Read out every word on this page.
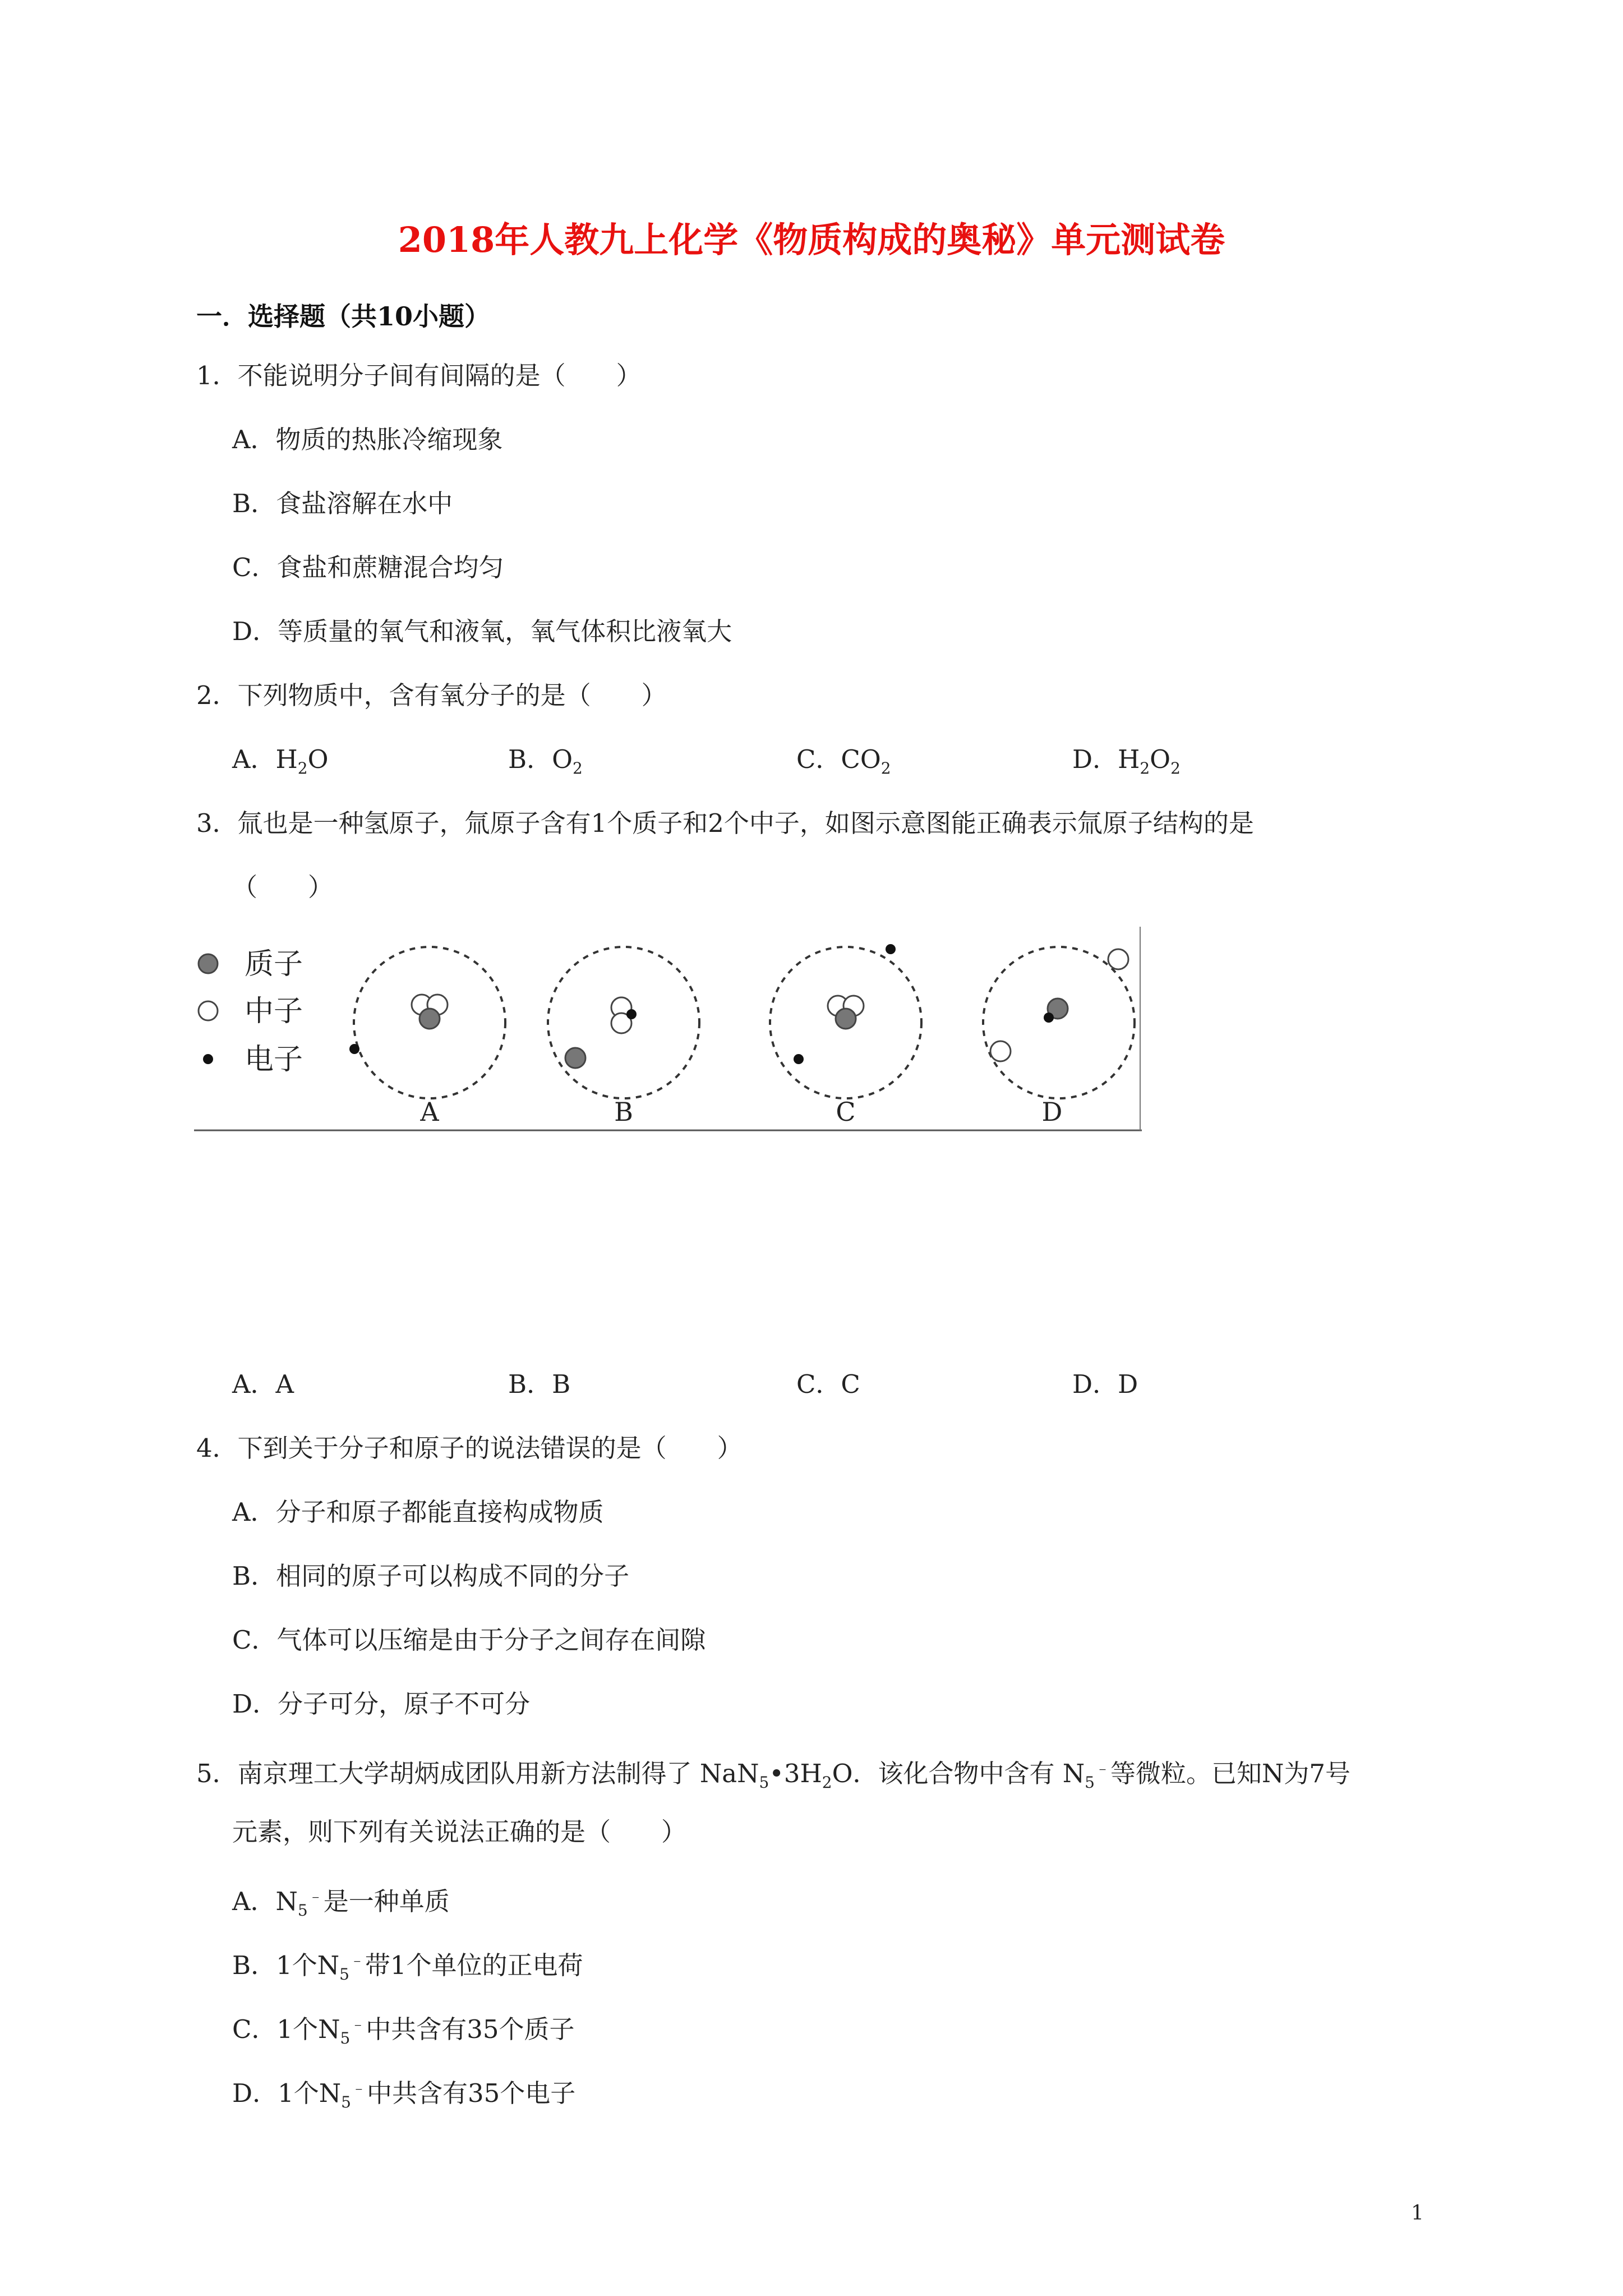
2018年人教九上化学《物质构成的奥秘》单元测试卷
一．选择题（共10小题）
1．不能说明分子间有间隔的是（　　）
A．物质的热胀冷缩现象
B．食盐溶解在水中
C．食盐和蔗糖混合均匀
D．等质量的氧气和液氧，氧气体积比液氧大
2．下列物质中，含有氧分子的是（　　）
A．$H_2O$	B．$O_2$	C．$CO_2$	D．$H_2O_2$
3．氚也是一种氢原子，氚原子含有1个质子和2个中子，如图示意图能正确表示氚原子结构的是
（　　）
质子
中子
电子
A	B	C	D
A．A	B．B	C．C	D．D
4．下到关于分子和原子的说法错误的是（　　）
A．分子和原子都能直接构成物质
B．相同的原子可以构成不同的分子
C．气体可以压缩是由于分子之间存在间隙
D．分子可分，原子不可分
5．南京理工大学胡炳成团队用新方法制得了 $NaN_5•3H_2O$．该化合物中含有 $N_5^﹣$等微粒。已知N为7号
元素，则下列有关说法正确的是（　　）
A．$N_5^﹣$是一种单质
B．1个$N_5^﹣$带1个单位的正电荷
C．1个$N_5^﹣$中共含有35个质子
D．1个$N_5^﹣$中共含有35个电子
1
